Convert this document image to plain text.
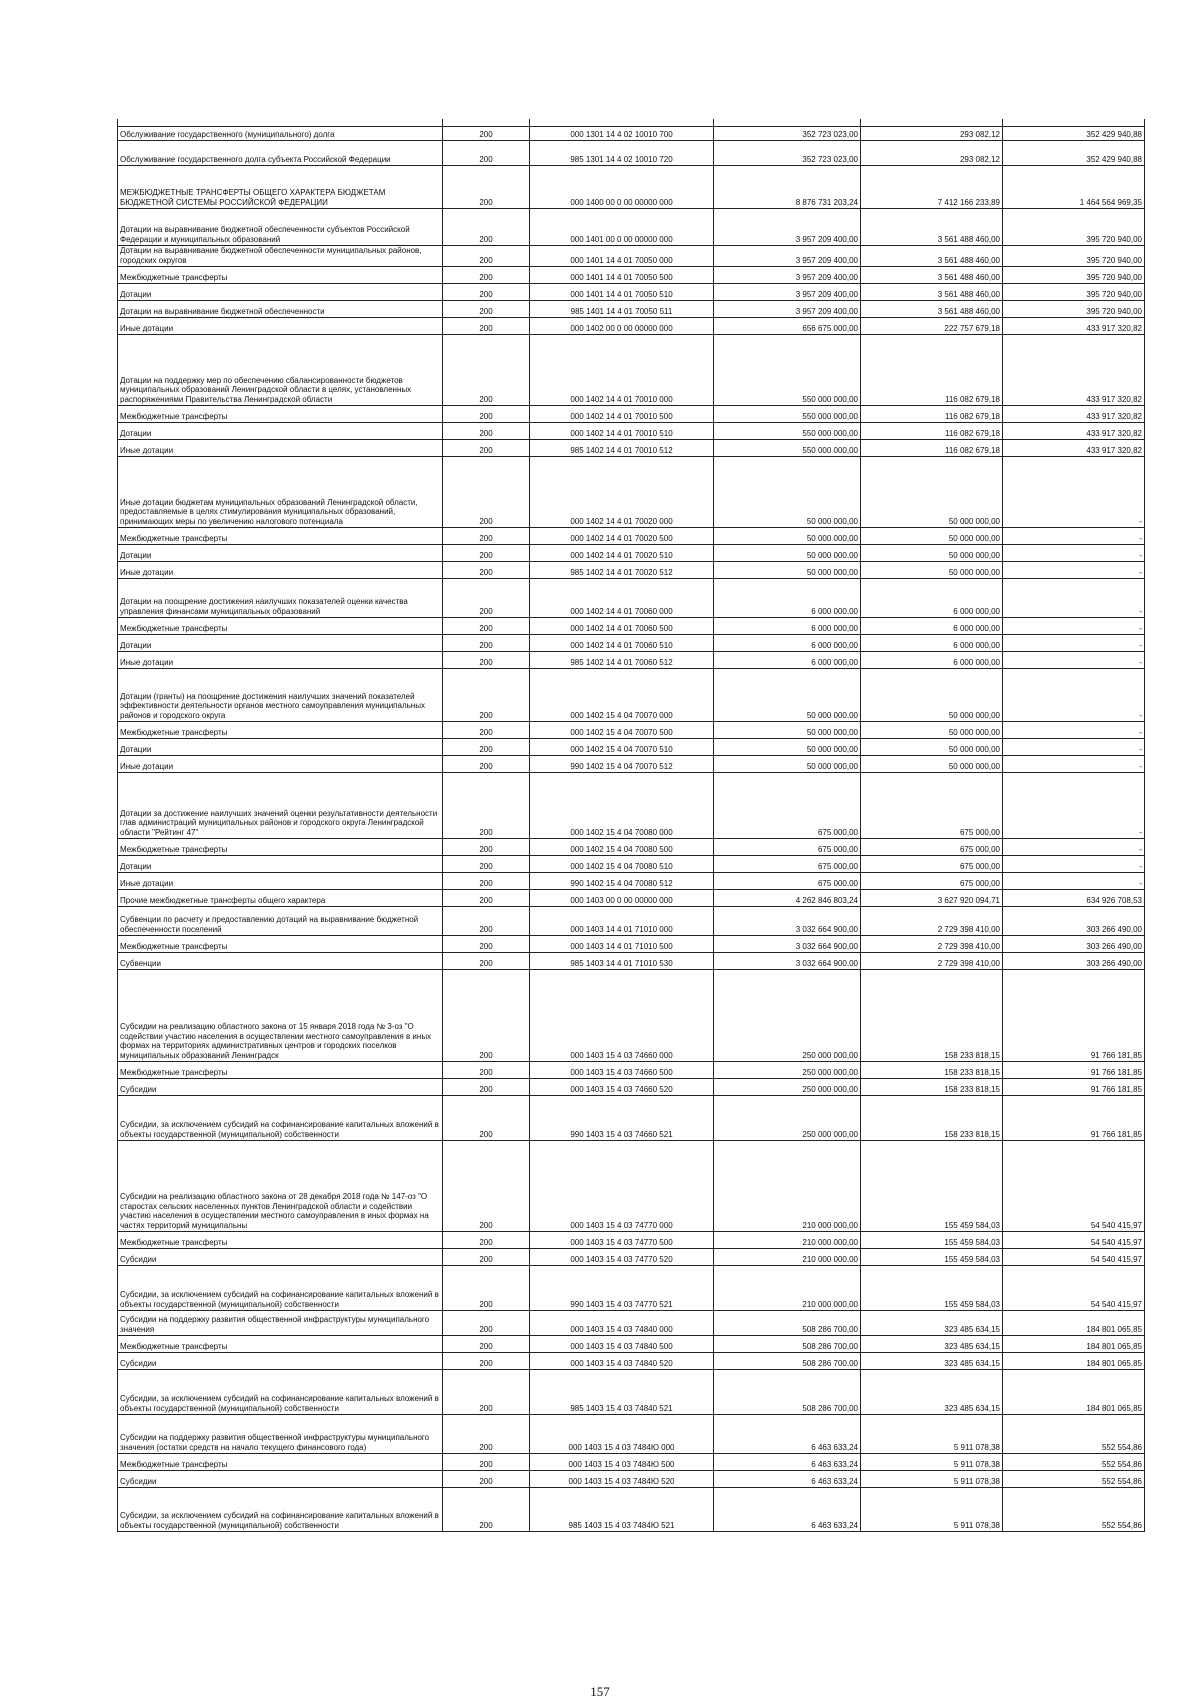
Обслуживание государственного (муниципального) долга	200	000 1301 14 4 02 10010 700	352 723 023,00	293 082,12	352 429 940,88
Обслуживание государственного долга субъекта Российской Федерации	200	985 1301 14 4 02 10010 720	352 723 023,00	293 082,12	352 429 940,88
МЕЖБЮДЖЕТНЫЕ ТРАНСФЕРТЫ ОБЩЕГО ХАРАКТЕРА БЮДЖЕТАМ БЮДЖЕТНОЙ СИСТЕМЫ РОССИЙСКОЙ ФЕДЕРАЦИИ	200	000 1400 00 0 00 00000 000	8 876 731 203,24	7 412 166 233,89	1 464 564 969,35
Дотации на выравнивание бюджетной обеспеченности субъектов Российской Федерации и муниципальных образований	200	000 1401 00 0 00 00000 000	3 957 209 400,00	3 561 488 460,00	395 720 940,00
Дотации на выравнивание бюджетной обеспеченности муниципальных районов, городских округов	200	000 1401 14 4 01 70050 000	3 957 209 400,00	3 561 488 460,00	395 720 940,00
Межбюджетные трансферты	200	000 1401 14 4 01 70050 500	3 957 209 400,00	3 561 488 460,00	395 720 940,00
Дотации	200	000 1401 14 4 01 70050 510	3 957 209 400,00	3 561 488 460,00	395 720 940,00
Дотации на выравнивание бюджетной обеспеченности	200	985 1401 14 4 01 70050 511	3 957 209 400,00	3 561 488 460,00	395 720 940,00
Иные дотации	200	000 1402 00 0 00 00000 000	656 675 000,00	222 757 679,18	433 917 320,82
Дотации на поддержку мер по обеспечению сбалансированности бюджетов муниципальных образований Ленинградской области в целях, установленных распоряжениями Правительства Ленинградской области	200	000 1402 14 4 01 70010 000	550 000 000,00	116 082 679,18	433 917 320,82
Межбюджетные трансферты	200	000 1402 14 4 01 70010 500	550 000 000,00	116 082 679,18	433 917 320,82
Дотации	200	000 1402 14 4 01 70010 510	550 000 000,00	116 082 679,18	433 917 320,82
Иные дотации	200	985 1402 14 4 01 70010 512	550 000 000,00	116 082 679,18	433 917 320,82
Иные дотации бюджетам муниципальных образований Ленинградской области, предоставляемые в целях стимулирования муниципальных образований, принимающих меры по увеличению налогового потенциала	200	000 1402 14 4 01 70020 000	50 000 000,00	50 000 000,00	-
Межбюджетные трансферты	200	000 1402 14 4 01 70020 500	50 000 000,00	50 000 000,00	-
Дотации	200	000 1402 14 4 01 70020 510	50 000 000,00	50 000 000,00	-
Иные дотации	200	985 1402 14 4 01 70020 512	50 000 000,00	50 000 000,00	-
Дотации на поощрение достижения наилучших показателей оценки качества управления финансами муниципальных образований	200	000 1402 14 4 01 70060 000	6 000 000,00	6 000 000,00	-
Межбюджетные трансферты	200	000 1402 14 4 01 70060 500	6 000 000,00	6 000 000,00	-
Дотации	200	000 1402 14 4 01 70060 510	6 000 000,00	6 000 000,00	-
Иные дотации	200	985 1402 14 4 01 70060 512	6 000 000,00	6 000 000,00	-
Дотации (гранты) на поощрение достижения наилучших значений показателей эффективности деятельности органов местного самоуправления муниципальных районов и городского округа	200	000 1402 15 4 04 70070 000	50 000 000,00	50 000 000,00	-
Межбюджетные трансферты	200	000 1402 15 4 04 70070 500	50 000 000,00	50 000 000,00	-
Дотации	200	000 1402 15 4 04 70070 510	50 000 000,00	50 000 000,00	-
Иные дотации	200	990 1402 15 4 04 70070 512	50 000 000,00	50 000 000,00	-
Дотации за достижение наилучших значений оценки результативности деятельности глав администраций муниципальных районов и городского округа Ленинградской области "Рейтинг 47"	200	000 1402 15 4 04 70080 000	675 000,00	675 000,00	-
Межбюджетные трансферты	200	000 1402 15 4 04 70080 500	675 000,00	675 000,00	-
Дотации	200	000 1402 15 4 04 70080 510	675 000,00	675 000,00	-
Иные дотации	200	990 1402 15 4 04 70080 512	675 000,00	675 000,00	-
Прочие межбюджетные трансферты общего характера	200	000 1403 00 0 00 00000 000	4 262 846 803,24	3 627 920 094,71	634 926 708,53
Субвенции по расчету и предоставлению дотаций на выравнивание бюджетной обеспеченности поселений	200	000 1403 14 4 01 71010 000	3 032 664 900,00	2 729 398 410,00	303 266 490,00
Межбюджетные трансферты	200	000 1403 14 4 01 71010 500	3 032 664 900,00	2 729 398 410,00	303 266 490,00
Субвенции	200	985 1403 14 4 01 71010 530	3 032 664 900,00	2 729 398 410,00	303 266 490,00
Субсидии на реализацию областного закона от 15 января 2018 года № 3-оз "О содействии участию населения в осуществлении местного самоуправления в иных формах на территориях административных центров и городских поселков муниципальных образований Ленинградск	200	000 1403 15 4 03 74660 000	250 000 000,00	158 233 818,15	91 766 181,85
Межбюджетные трансферты	200	000 1403 15 4 03 74660 500	250 000 000,00	158 233 818,15	91 766 181,85
Субсидии	200	000 1403 15 4 03 74660 520	250 000 000,00	158 233 818,15	91 766 181,85
Субсидии, за исключением субсидий на софинансирование капитальных вложений в объекты государственной (муниципальной) собственности	200	990 1403 15 4 03 74660 521	250 000 000,00	158 233 818,15	91 766 181,85
Субсидии на реализацию областного закона от 28 декабря 2018 года № 147-оз "О старостах сельских населенных пунктов Ленинградской области и содействии участию населения в осуществлении местного самоуправления в иных формах на частях территорий муниципальны	200	000 1403 15 4 03 74770 000	210 000 000,00	155 459 584,03	54 540 415,97
Межбюджетные трансферты	200	000 1403 15 4 03 74770 500	210 000 000,00	155 459 584,03	54 540 415,97
Субсидии	200	000 1403 15 4 03 74770 520	210 000 000,00	155 459 584,03	54 540 415,97
Субсидии, за исключением субсидий на софинансирование капитальных вложений в объекты государственной (муниципальной) собственности	200	990 1403 15 4 03 74770 521	210 000 000,00	155 459 584,03	54 540 415,97
Субсидии на поддержку развития общественной инфраструктуры муниципального значения	200	000 1403 15 4 03 74840 000	508 286 700,00	323 485 634,15	184 801 065,85
Межбюджетные трансферты	200	000 1403 15 4 03 74840 500	508 286 700,00	323 485 634,15	184 801 065,85
Субсидии	200	000 1403 15 4 03 74840 520	508 286 700,00	323 485 634,15	184 801 065,85
Субсидии, за исключением субсидий на софинансирование капитальных вложений в объекты государственной (муниципальной) собственности	200	985 1403 15 4 03 74840 521	508 286 700,00	323 485 634,15	184 801 065,85
Субсидии на поддержку развития общественной инфраструктуры муниципального значения (остатки средств на начало текущего финансового года)	200	000 1403 15 4 03 7484Ю 000	6 463 633,24	5 911 078,38	552 554,86
Межбюджетные трансферты	200	000 1403 15 4 03 7484Ю 500	6 463 633,24	5 911 078,38	552 554,86
Субсидии	200	000 1403 15 4 03 7484Ю 520	6 463 633,24	5 911 078,38	552 554,86
Субсидии, за исключением субсидий на софинансирование капитальных вложений в объекты государственной (муниципальной) собственности	200	985 1403 15 4 03 7484Ю 521	6 463 633,24	5 911 078,38	552 554,86
157
